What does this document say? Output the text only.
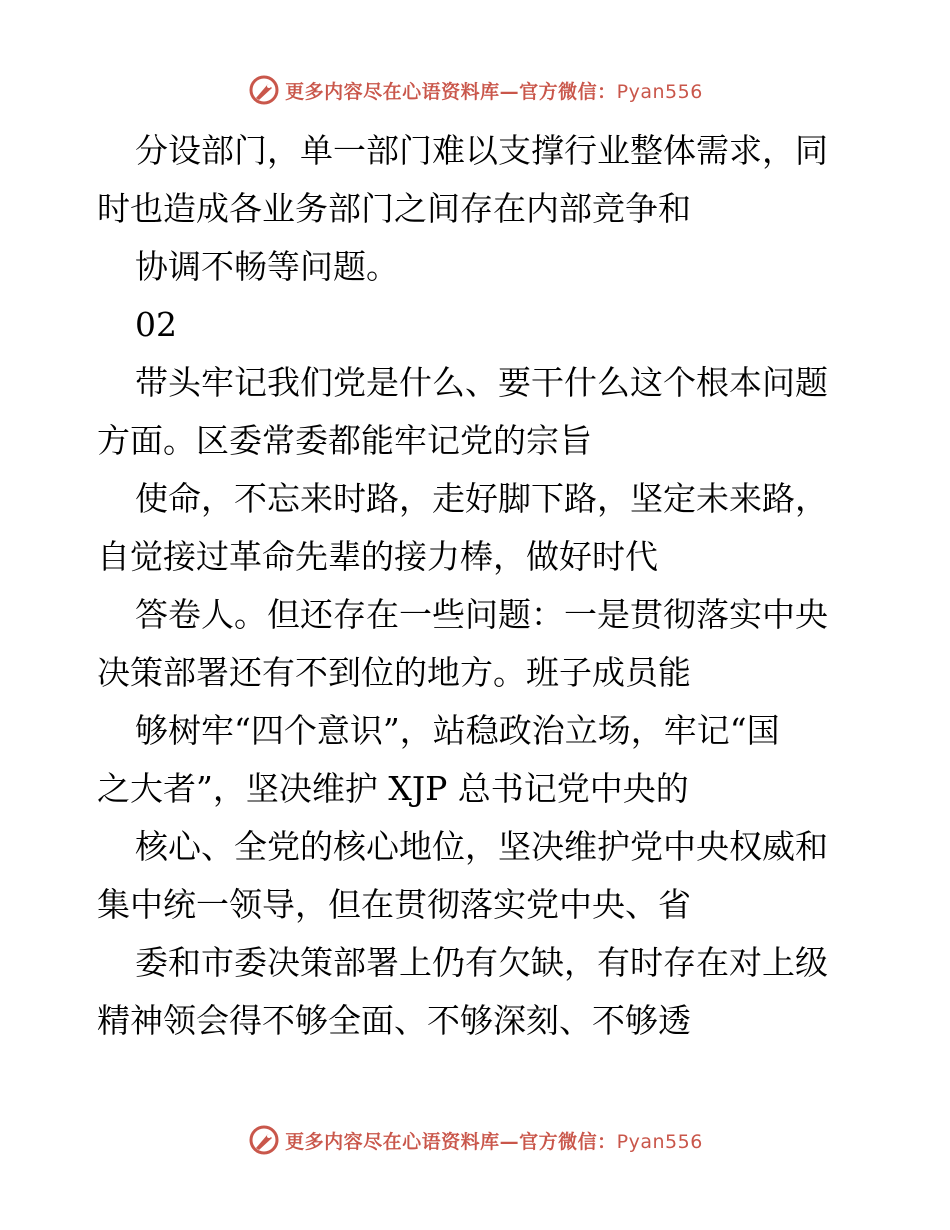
更多内容尽在心语资料库—官方微信：Pyan556
分设部门，单一部门难以支撑行业整体需求，同
时也造成各业务部门之间存在内部竞争和
协调不畅等问题。
02
带头牢记我们党是什么、要干什么这个根本问题
方面。区委常委都能牢记党的宗旨
使命，不忘来时路，走好脚下路，坚定未来路，
自觉接过革命先辈的接力棒，做好时代
答卷人。但还存在一些问题：一是贯彻落实中央
决策部署还有不到位的地方。班子成员能
够树牢“四个意识”，站稳政治立场，牢记“国
之大者”，坚决维护 XJP 总书记党中央的
核心、全党的核心地位，坚决维护党中央权威和
集中统一领导，但在贯彻落实党中央、省
委和市委决策部署上仍有欠缺，有时存在对上级
精神领会得不够全面、不够深刻、不够透
更多内容尽在心语资料库—官方微信：Pyan556
